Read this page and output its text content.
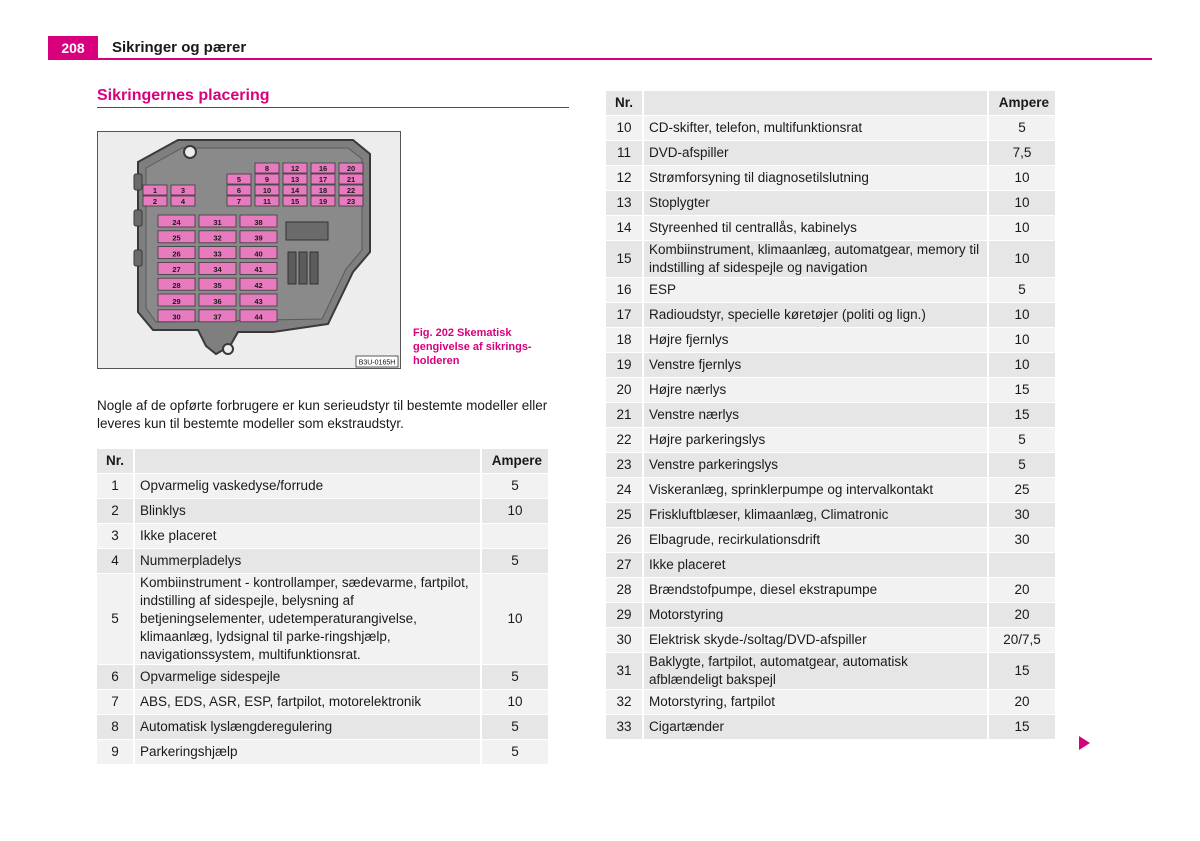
208	Sikringer og pærer
Sikringernes placering
8	12	16	20
5	9	13	17	21
1	3	6	10	14	18	22
2	4	7	11	15	19	23
24
25
26
27
28
29
30
31
32
33
34
35
36
37
38
39
40
41
42
43
44
B3U-0165H
Fig. 202 Skematisk gengivelse af sikrings-holderen
Nogle af de opførte forbrugere er kun serieudstyr til bestemte modeller eller leveres kun til bestemte modeller som ekstraudstyr.
Nr.		Ampere
1	Opvarmelig vaskedyse/forrude	5
2	Blinklys	10
3	Ikke placeret	
4	Nummerpladelys	5
5	Kombiinstrument - kontrollamper, sædevarme, fartpilot, indstilling af sidespejle, belysning af betjeningselementer, udetemperaturangivelse, klimaanlæg, lydsignal til parke-ringshjælp, navigationssystem, multifunktionsrat.	10
6	Opvarmelige sidespejle	5
7	ABS, EDS, ASR, ESP, fartpilot, motorelektronik	10
8	Automatisk lyslængderegulering	5
9	Parkeringshjælp	5
Nr.		Ampere
10	CD-skifter, telefon, multifunktionsrat	5
11	DVD-afspiller	7,5
12	Strømforsyning til diagnosetilslutning	10
13	Stoplygter	10
14	Styreenhed til centrallås, kabinelys	10
15	Kombiinstrument, klimaanlæg, automatgear, memory til indstilling af sidespejle og navigation	10
16	ESP	5
17	Radioudstyr, specielle køretøjer (politi og lign.)	10
18	Højre fjernlys	10
19	Venstre fjernlys	10
20	Højre nærlys	15
21	Venstre nærlys	15
22	Højre parkeringslys	5
23	Venstre parkeringslys	5
24	Viskeranlæg, sprinklerpumpe og intervalkontakt	25
25	Friskluftblæser, klimaanlæg, Climatronic	30
26	Elbagrude, recirkulationsdrift	30
27	Ikke placeret	
28	Brændstofpumpe, diesel ekstrapumpe	20
29	Motorstyring	20
30	Elektrisk skyde-/soltag/DVD-afspiller	20/7,5
31	Baklygte, fartpilot, automatgear, automatisk afblændeligt bakspejl	15
32	Motorstyring, fartpilot	20
33	Cigartænder	15
